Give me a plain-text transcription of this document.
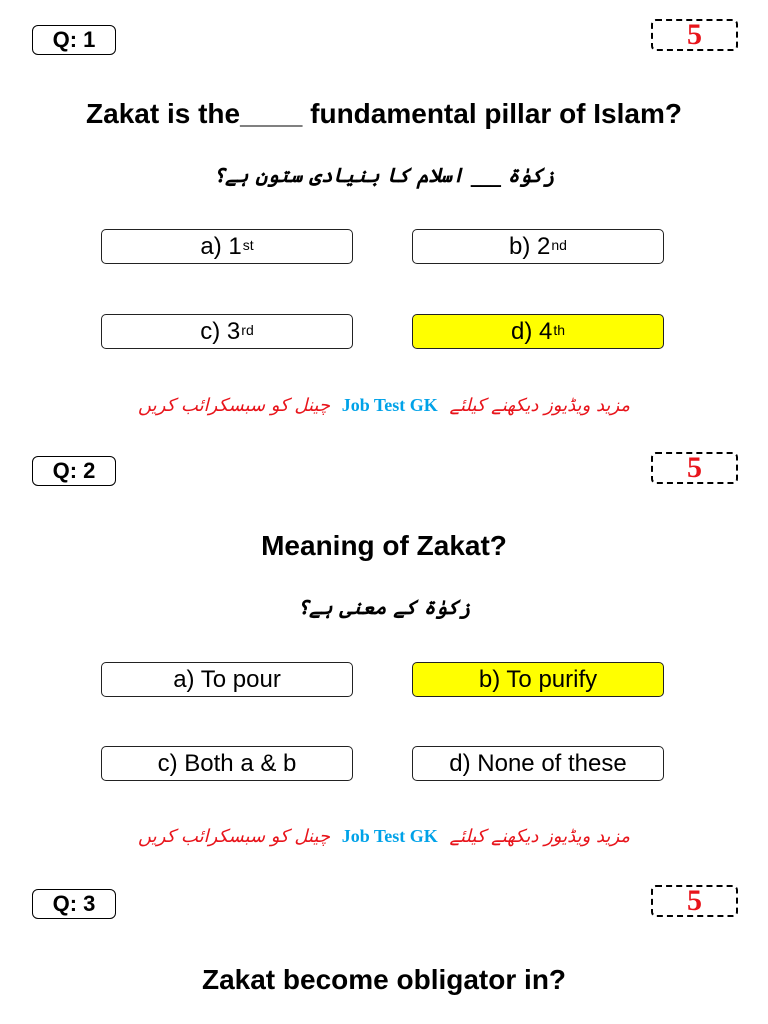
Q: 1	5
Zakat is the____ fundamental pillar of Islam?
زکوٰۃ ___ اسلام کا بنیادی ستون ہے؟
a) 1st	b) 2nd
c) 3rd	d) 4th
مزید ویڈیوز دیکھنے کیلئے Job Test GK چینل کو سبسکرائب کریں
Q: 2	5
Meaning of Zakat?
زکوٰۃ کے معنی ہے؟
a) To pour	b) To purify
c) Both a & b	d) None of these
مزید ویڈیوز دیکھنے کیلئے Job Test GK چینل کو سبسکرائب کریں
Q: 3	5
Zakat become obligator in?
